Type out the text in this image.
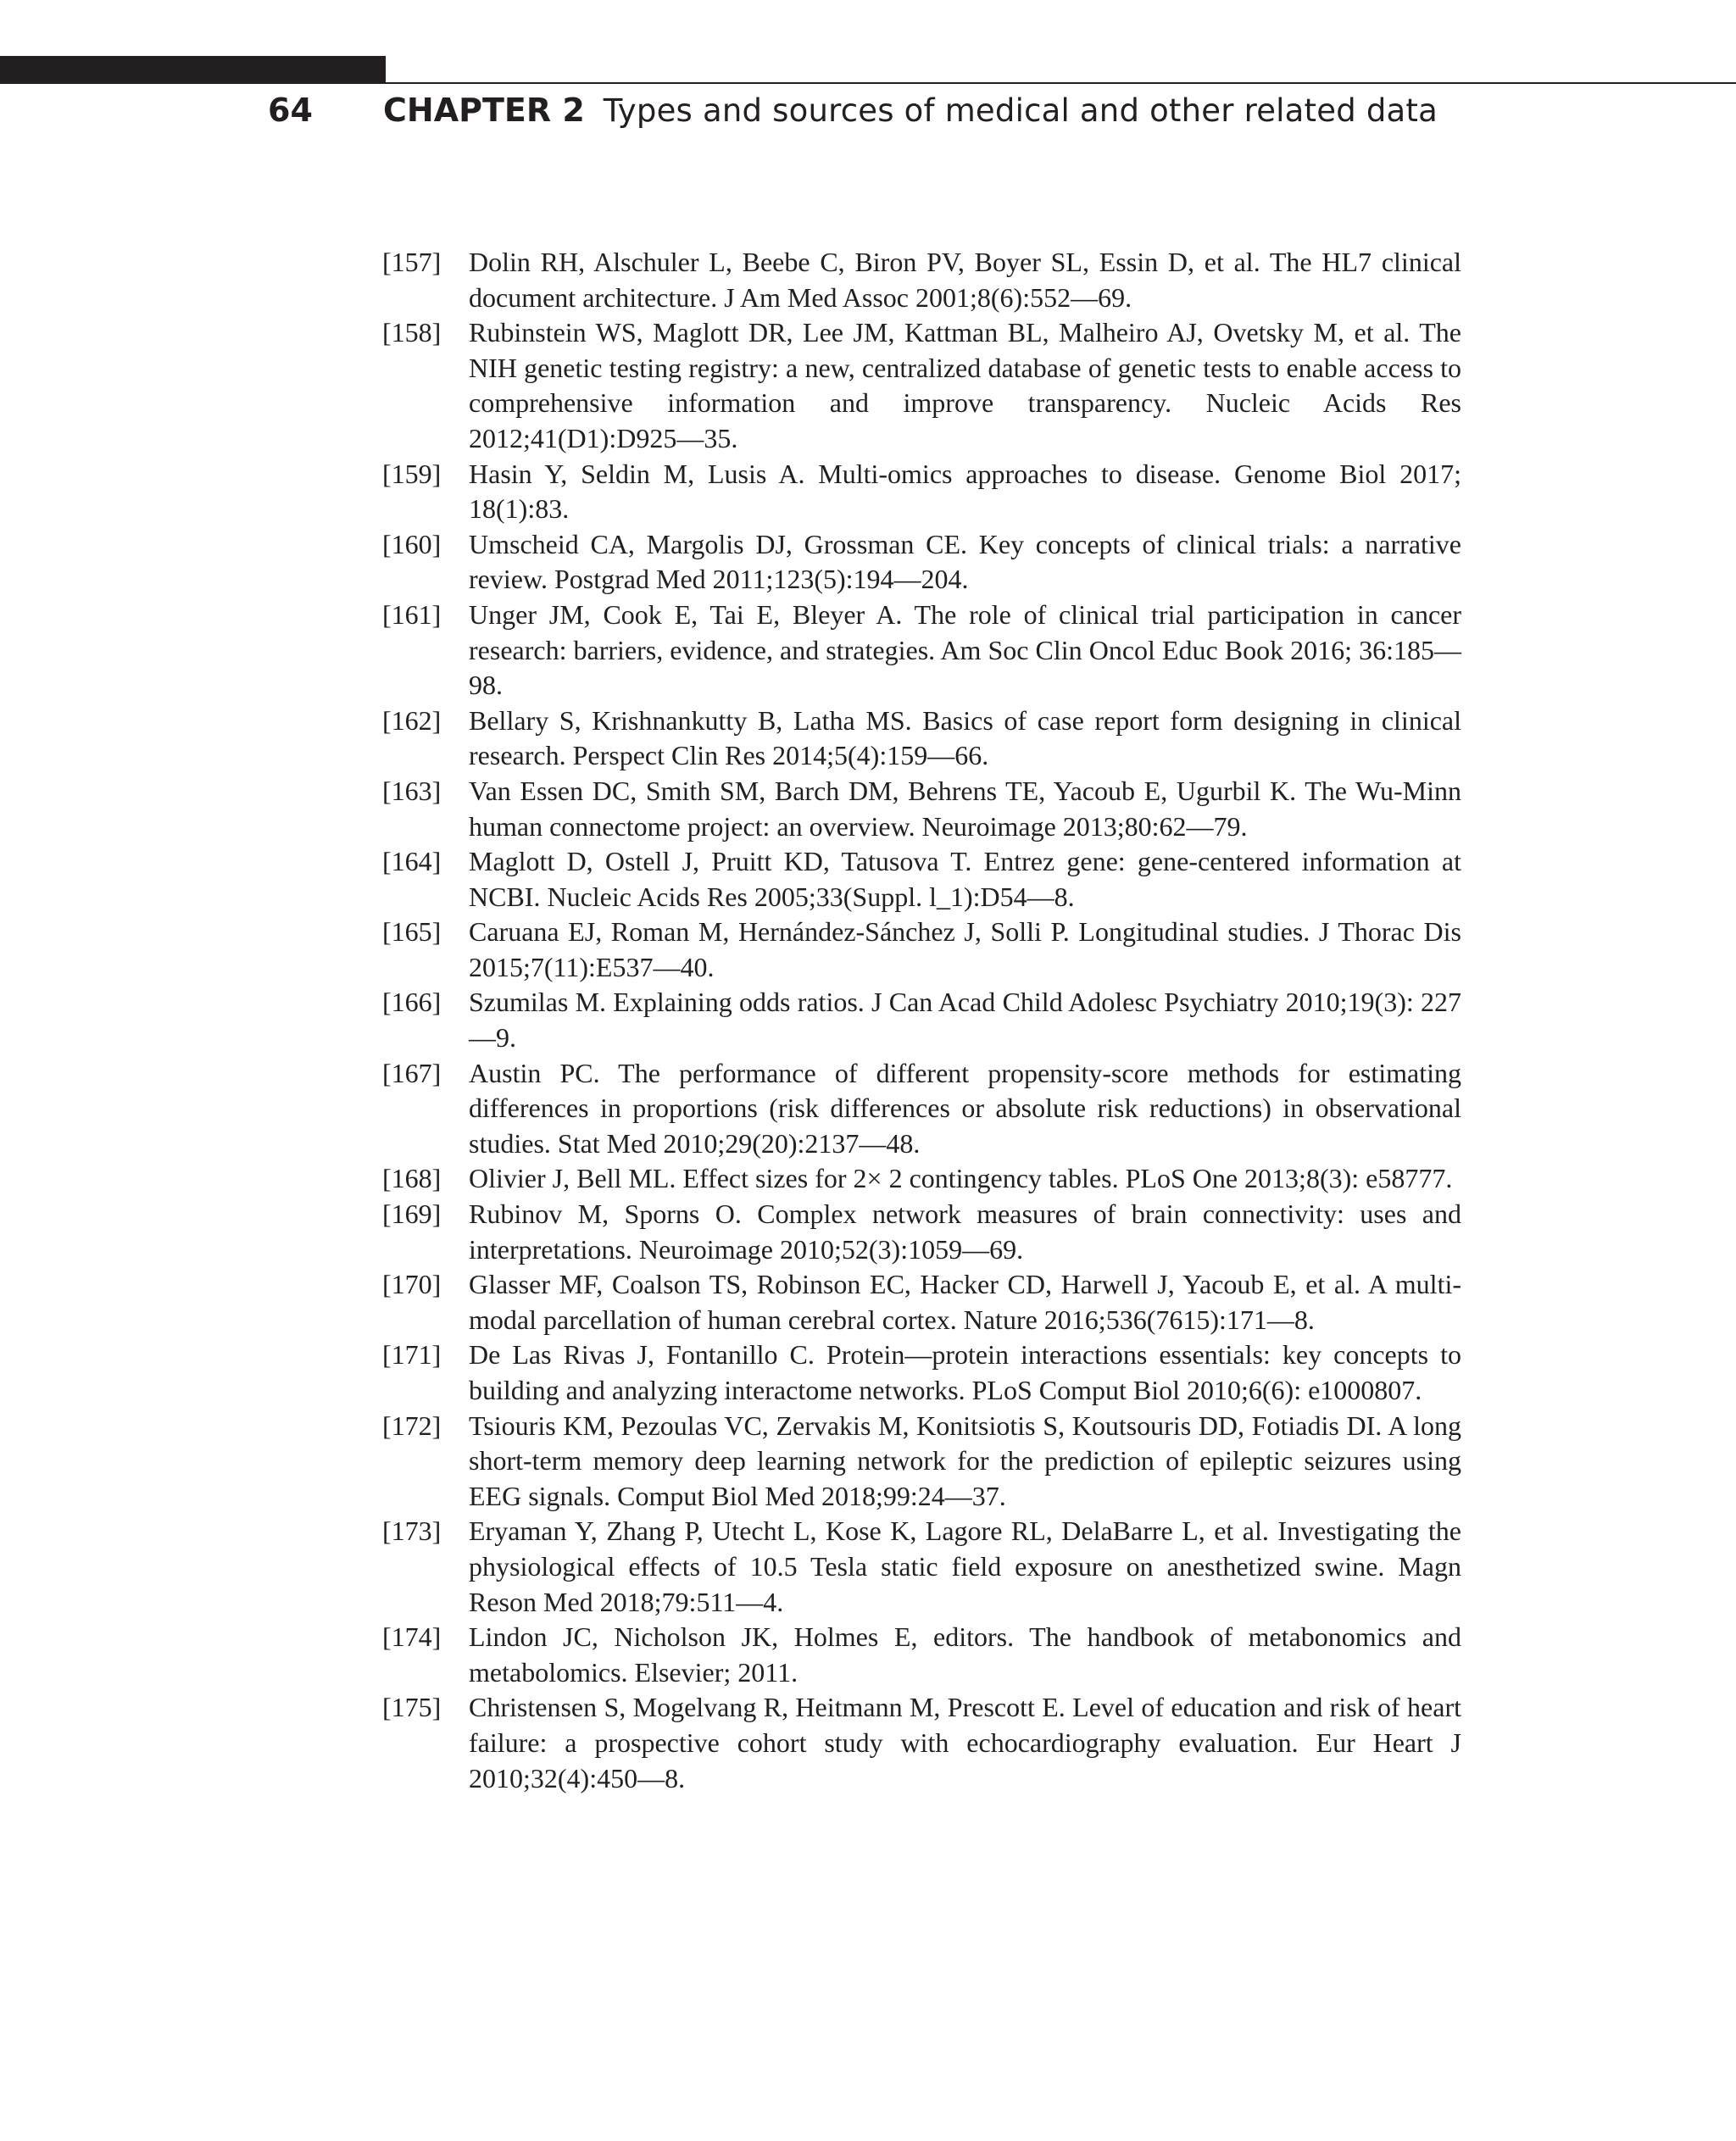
64	CHAPTER 2 Types and sources of medical and other related data
[157] Dolin RH, Alschuler L, Beebe C, Biron PV, Boyer SL, Essin D, et al. The HL7 clinical document architecture. J Am Med Assoc 2001;8(6):552—69.
[158] Rubinstein WS, Maglott DR, Lee JM, Kattman BL, Malheiro AJ, Ovetsky M, et al. The NIH genetic testing registry: a new, centralized database of genetic tests to enable access to comprehensive information and improve transparency. Nucleic Acids Res 2012;41(D1):D925—35.
[159] Hasin Y, Seldin M, Lusis A. Multi-omics approaches to disease. Genome Biol 2017; 18(1):83.
[160] Umscheid CA, Margolis DJ, Grossman CE. Key concepts of clinical trials: a narrative review. Postgrad Med 2011;123(5):194—204.
[161] Unger JM, Cook E, Tai E, Bleyer A. The role of clinical trial participation in cancer research: barriers, evidence, and strategies. Am Soc Clin Oncol Educ Book 2016; 36:185—98.
[162] Bellary S, Krishnankutty B, Latha MS. Basics of case report form designing in clinical research. Perspect Clin Res 2014;5(4):159—66.
[163] Van Essen DC, Smith SM, Barch DM, Behrens TE, Yacoub E, Ugurbil K. The Wu-Minn human connectome project: an overview. Neuroimage 2013;80:62—79.
[164] Maglott D, Ostell J, Pruitt KD, Tatusova T. Entrez gene: gene-centered information at NCBI. Nucleic Acids Res 2005;33(Suppl. l_1):D54—8.
[165] Caruana EJ, Roman M, Hernández-Sánchez J, Solli P. Longitudinal studies. J Thorac Dis 2015;7(11):E537—40.
[166] Szumilas M. Explaining odds ratios. J Can Acad Child Adolesc Psychiatry 2010;19(3): 227—9.
[167] Austin PC. The performance of different propensity-score methods for estimating differences in proportions (risk differences or absolute risk reductions) in observational studies. Stat Med 2010;29(20):2137—48.
[168] Olivier J, Bell ML. Effect sizes for 2× 2 contingency tables. PLoS One 2013;8(3): e58777.
[169] Rubinov M, Sporns O. Complex network measures of brain connectivity: uses and interpretations. Neuroimage 2010;52(3):1059—69.
[170] Glasser MF, Coalson TS, Robinson EC, Hacker CD, Harwell J, Yacoub E, et al. A multi-modal parcellation of human cerebral cortex. Nature 2016;536(7615):171—8.
[171] De Las Rivas J, Fontanillo C. Protein—protein interactions essentials: key concepts to building and analyzing interactome networks. PLoS Comput Biol 2010;6(6): e1000807.
[172] Tsiouris KM, Pezoulas VC, Zervakis M, Konitsiotis S, Koutsouris DD, Fotiadis DI. A long short-term memory deep learning network for the prediction of epileptic seizures using EEG signals. Comput Biol Med 2018;99:24—37.
[173] Eryaman Y, Zhang P, Utecht L, Kose K, Lagore RL, DelaBarre L, et al. Investigating the physiological effects of 10.5 Tesla static field exposure on anesthetized swine. Magn Reson Med 2018;79:511—4.
[174] Lindon JC, Nicholson JK, Holmes E, editors. The handbook of metabonomics and metabolomics. Elsevier; 2011.
[175] Christensen S, Mogelvang R, Heitmann M, Prescott E. Level of education and risk of heart failure: a prospective cohort study with echocardiography evaluation. Eur Heart J 2010;32(4):450—8.
